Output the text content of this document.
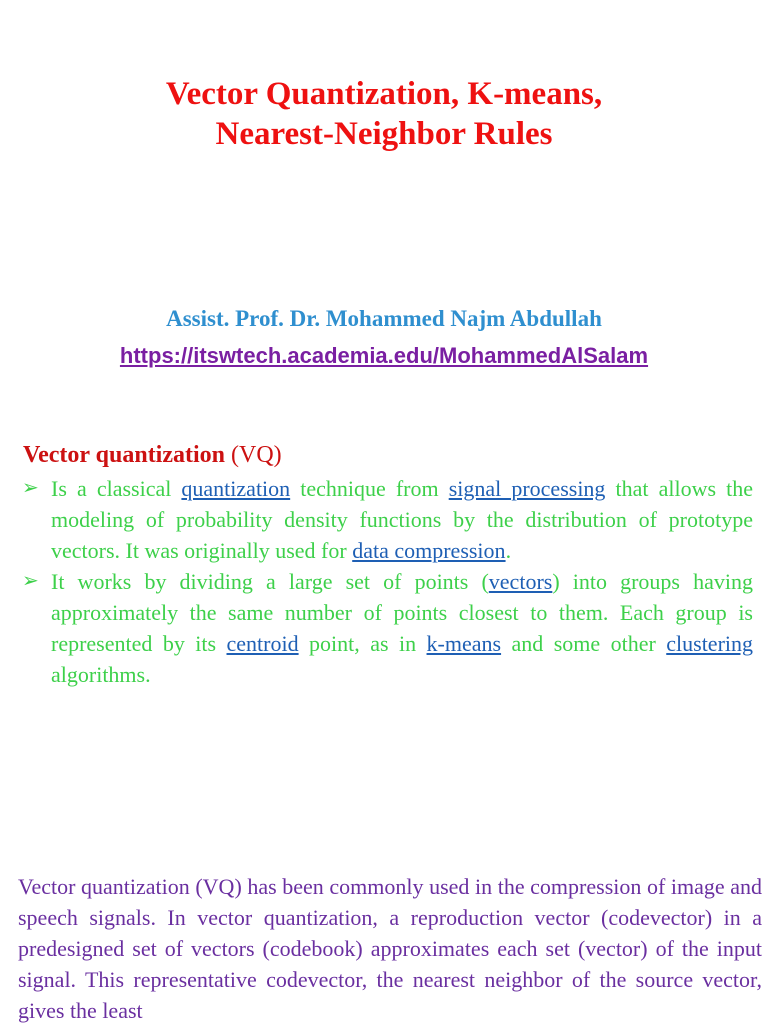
Vector Quantization, K-means,
Nearest-Neighbor Rules
Assist. Prof. Dr. Mohammed Najm Abdullah
https://itswtech.academia.edu/MohammedAlSalam
Vector quantization (VQ)
➢ Is a classical quantization technique from signal processing that allows the modeling of probability density functions by the distribution of prototype vectors. It was originally used for data compression.
➢ It works by dividing a large set of points (vectors) into groups having approximately the same number of points closest to them. Each group is represented by its centroid point, as in k-means and some other clustering algorithms.

Vector quantization (VQ) has been commonly used in the compression of image and speech signals. In vector quantization, a reproduction vector (codevector) in a predesigned set of vectors (codebook) approximates each set (vector) of the input signal. This representative codevector, the nearest neighbor of the source vector, gives the least
